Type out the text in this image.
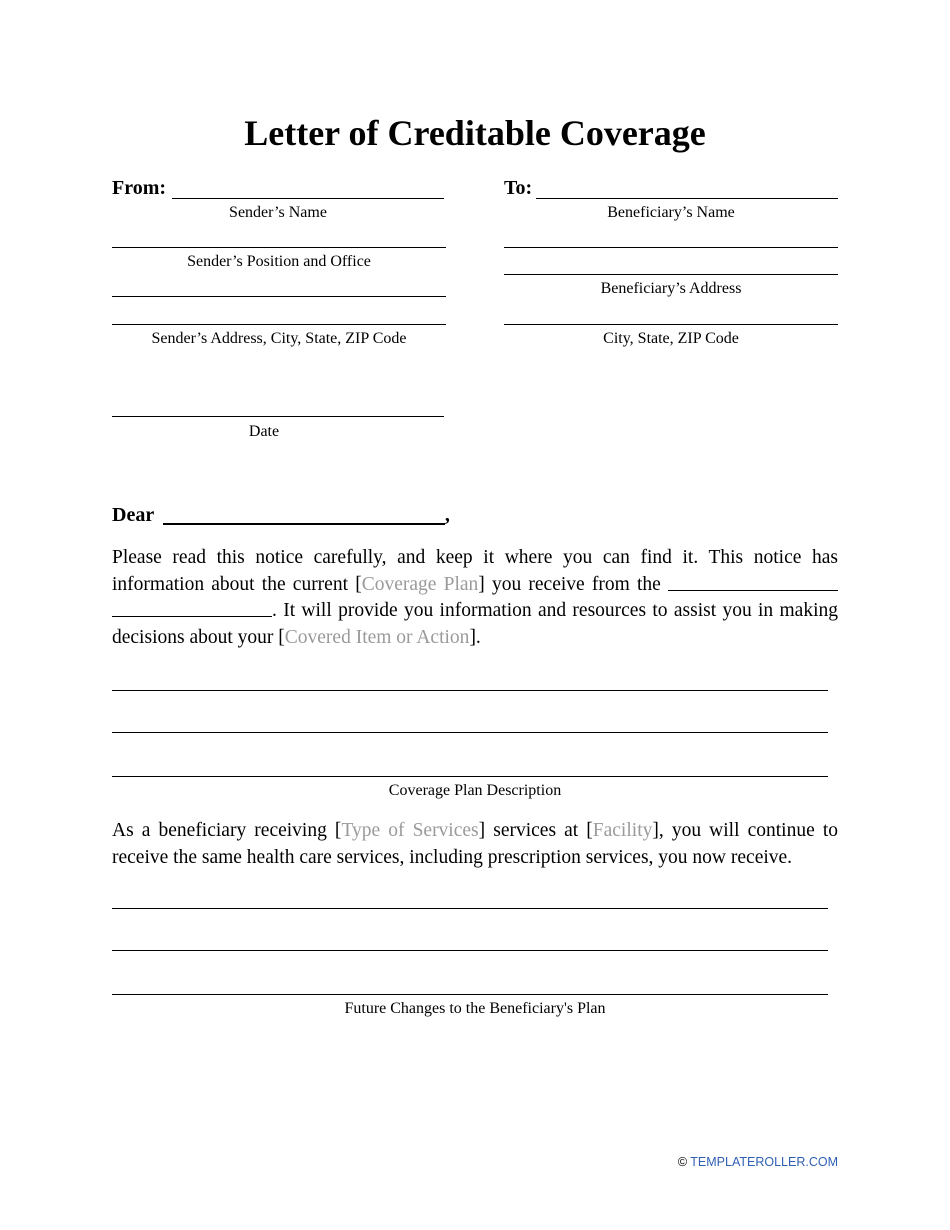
Letter of Creditable Coverage
From:
Sender’s Name
To:
Beneficiary’s Name
Sender’s Position and Office
Sender’s Address, City, State, ZIP Code
Date
Beneficiary’s Address
City, State, ZIP Code
Dear	,
Please read this notice carefully, and keep it where you can find it. This notice has information about the current [Coverage Plan] you receive from the  . It will provide you information and resources to assist you in making decisions about your [Covered Item or Action].
Coverage Plan Description
As a beneficiary receiving [Type of Services] services at [Facility], you will continue to receive the same health care services, including prescription services, you now receive.
Future Changes to the Beneficiary's Plan
© TEMPLATEROLLER.COM
